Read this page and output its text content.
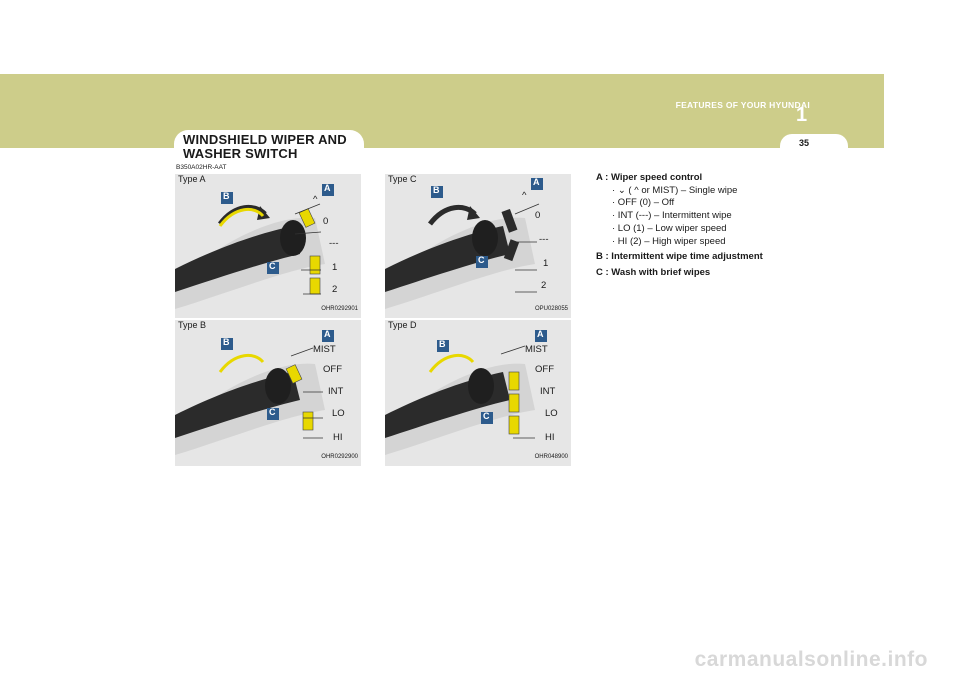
FEATURES OF YOUR HYUNDAI
1
35
WINDSHIELD WIPER AND
WASHER SWITCH
B350A02HR-AAT
Type A
^
0
---
1
2
B
A
C
OHR0292901
Type C
^
0
---
1
2
B
A
C
OPU028055
Type B
MIST
OFF
INT
LO
HI
B
A
C
OHR0292900
Type D
MIST
OFF
INT
LO
HI
B
A
C
OHR048900
A : Wiper speed control
· ⌄ ( ^ or MIST) – Single wipe
· OFF (0) – Off
· INT (---) – Intermittent wipe
· LO (1) – Low wiper speed
· HI (2) – High wiper speed
B : Intermittent wipe time adjustment
C : Wash with brief wipes
carmanualsonline.info
